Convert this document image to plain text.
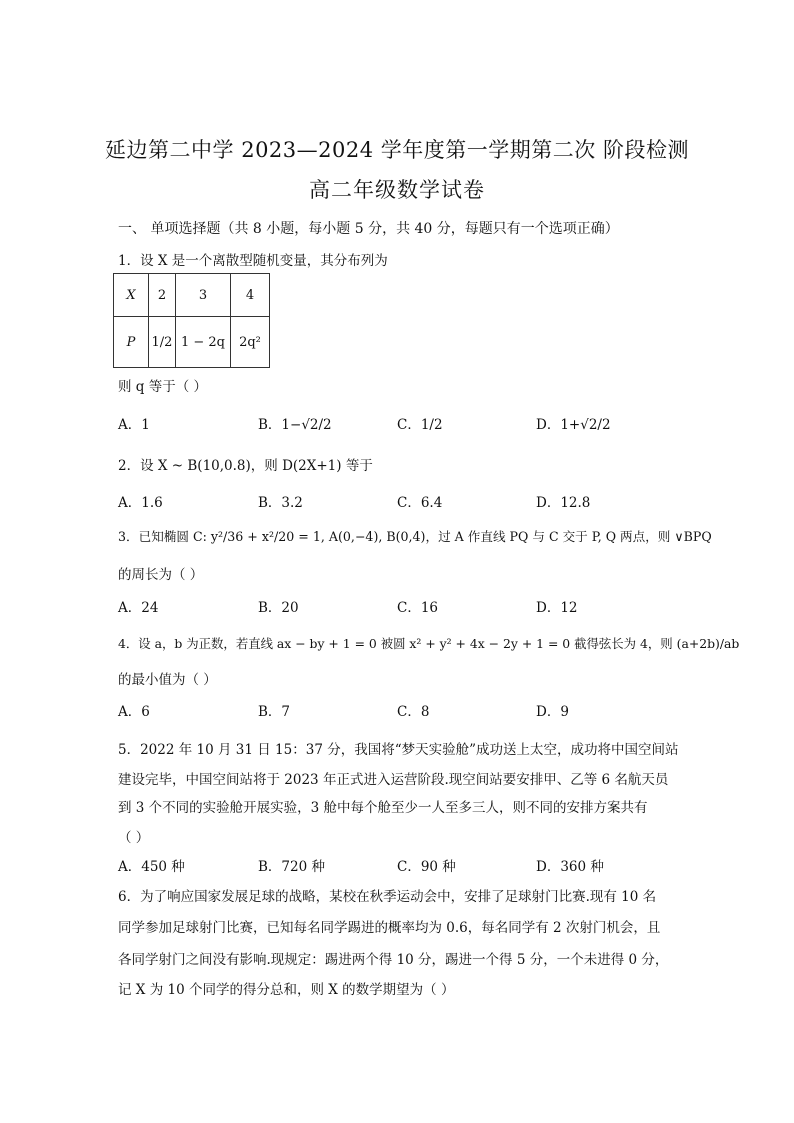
延边第二中学 2023—2024 学年度第一学期第二次 阶段检测
高二年级数学试卷
一、 单项选择题（共 8 小题，每小题 5 分，共 40 分，每题只有一个选项正确）
1．设 X 是一个离散型随机变量，其分布列为
X	2	3	4
P	1/2	1 − 2q	2q²
则 q 等于（ ）
A．1	B．1−√2/2	C．1/2	D．1+√2/2
2．设 X ~ B(10,0.8)，则 D(2X+1) 等于
A．1.6	B．3.2	C．6.4	D．12.8
3．已知椭圆 C: y²/36 + x²/20 = 1, A(0,−4), B(0,4)，过 A 作直线 PQ 与 C 交于 P, Q 两点，则 ∨BPQ
的周长为（ ）
A．24	B．20	C．16	D．12
4．设 a，b 为正数，若直线 ax − by + 1 = 0 被圆 x² + y² + 4x − 2y + 1 = 0 截得弦长为 4，则 (a+2b)/ab
的最小值为（ ）
A．6	B．7	C．8	D．9
5．2022 年 10 月 31 日 15：37 分，我国将“梦天实验舱”成功送上太空，成功将中国空间站
建设完毕，中国空间站将于 2023 年正式进入运营阶段.现空间站要安排甲、乙等 6 名航天员
到 3 个不同的实验舱开展实验，3 舱中每个舱至少一人至多三人，则不同的安排方案共有
（ ）
A．450 种	B．720 种	C．90 种	D．360 种
6．为了响应国家发展足球的战略，某校在秋季运动会中，安排了足球射门比赛.现有 10 名
同学参加足球射门比赛，已知每名同学踢进的概率均为 0.6，每名同学有 2 次射门机会，且
各同学射门之间没有影响.现规定：踢进两个得 10 分，踢进一个得 5 分，一个未进得 0 分，
记 X 为 10 个同学的得分总和，则 X 的数学期望为（ ）
